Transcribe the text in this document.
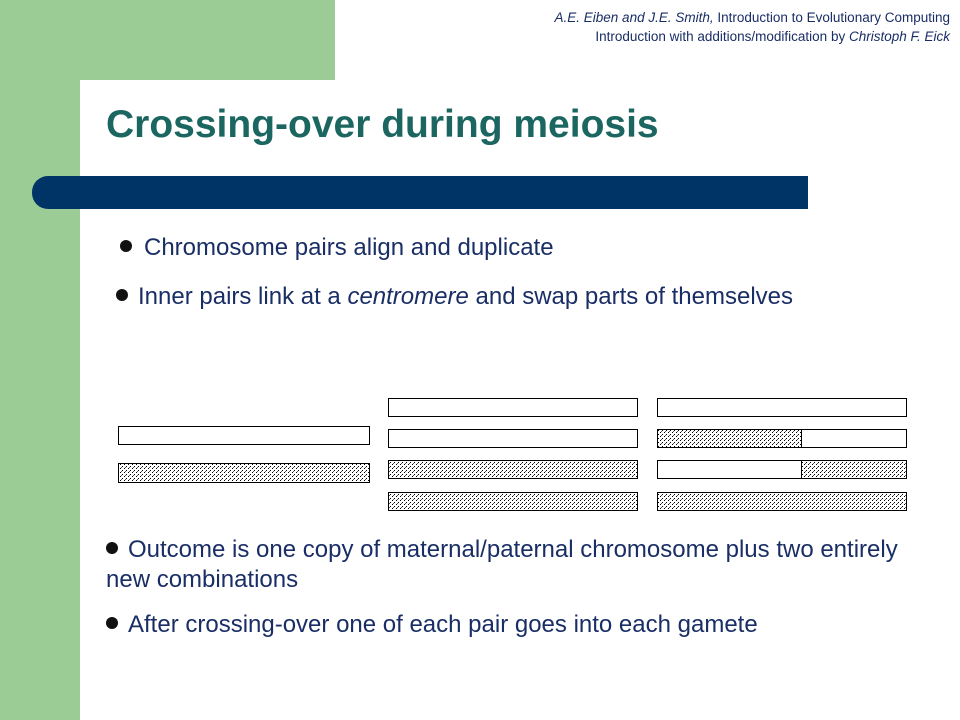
A.E. Eiben and J.E. Smith, Introduction to Evolutionary Computing
Introduction with additions/modification by Christoph F. Eick
Crossing-over during meiosis
Chromosome pairs align and duplicate
Inner pairs link at a centromere and swap parts of themselves
Outcome is one copy of maternal/paternal chromosome plus two entirely new combinations
After crossing-over one of each pair goes into each gamete
